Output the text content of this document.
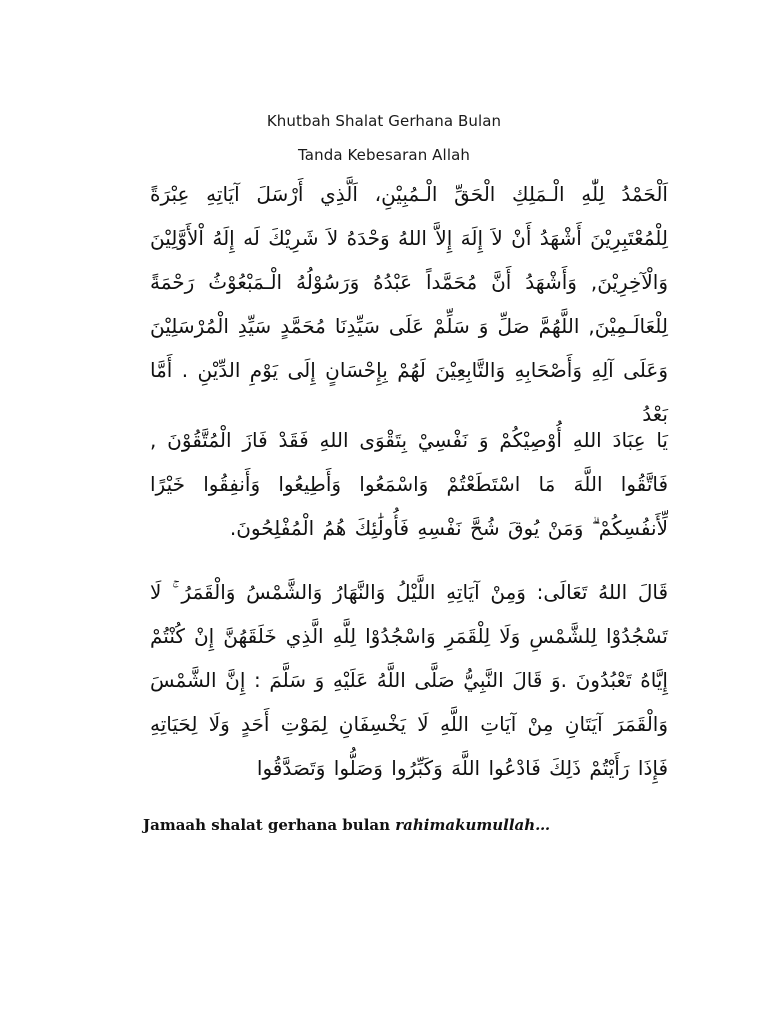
Khutbah Shalat Gerhana Bulan
Tanda Kebesaran Allah
اَلْحَمْدُ لِلّٰهِ الْـمَلِكِ الْحَقِّ الْـمُبِيْنِ، اَلَّذِي أَرْسَلَ آيَاتِهِ عِبْرَةً لِلْمُعْتَبِرِيْنَ أَشْهَدُ أَنْ لاَ إِلَهَ إِلاَّ اللهُ وَحْدَهُ لاَ شَرِيْكَ لَه إِلَهُ اْلأَوَّلِيْنَ وَالْآخِرِيْنَ, وَأَشْهَدُ أَنَّ مُحَمَّداً عَبْدُهُ وَرَسُوْلُهُ الْـمَبْعُوْثُ رَحْمَةً لِلْعَالَـمِيْنَ, اللَّهُمَّ صَلِّ وَ سَلِّمْ عَلَى سَيِّدِنَا مُحَمَّدٍ سَيِّدِ الْمُرْسَلِيْنَ وَعَلَى آلِهِ وَأَصْحَابِهِ وَالتَّابِعِيْنَ لَهُمْ بِإِحْسَانٍ إِلَى يَوْمِ الدِّيْنِ . أَمَّا بَعْدُ
يَا عِبَادَ اللهِ أُوْصِيْكُمْ وَ نَفْسِيْ بِتَقْوَى اللهِ فَقَدْ فَازَ الْمُتَّقُوْنَ , فَاتَّقُوا اللَّهَ مَا اسْتَطَعْتُمْ وَاسْمَعُوا وَأَطِيعُوا وَأَنفِقُوا خَيْرًا لِّأَنفُسِكُمْ ۗ وَمَنْ يُوقَ شُحَّ نَفْسِهِ فَأُولَٰئِكَ هُمُ الْمُفْلِحُونَ.
قَالَ اللهُ تَعَالَى: وَمِنْ آيَاتِهِ اللَّيْلُ وَالنَّهَارُ وَالشَّمْسُ وَالْقَمَرُ ۚ لَا تَسْجُدُوْا لِلشَّمْسِ وَلَا لِلْقَمَرِ وَاسْجُدُوْا لِلَّهِ الَّذِي خَلَقَهُنَّ إِنْ كُنْتُمْ إِيَّاهُ تَعْبُدُونَ .وَ قَالَ النَّبِيُّ صَلَّى اللَّهُ عَلَيْهِ وَ سَلَّمَ : إِنَّ الشَّمْسَ وَالْقَمَرَ آيَتَانِ مِنْ آيَاتِ اللَّهِ لَا يَخْسِفَانِ لِمَوْتِ أَحَدٍ وَلَا لِحَيَاتِهِ فَإِذَا رَأَيْتُمْ ذَلِكَ فَادْعُوا اللَّهَ وَكَبِّرُوا وَصَلُّوا وَتَصَدَّقُوا
Jamaah shalat gerhana bulan rahimakumullah…
